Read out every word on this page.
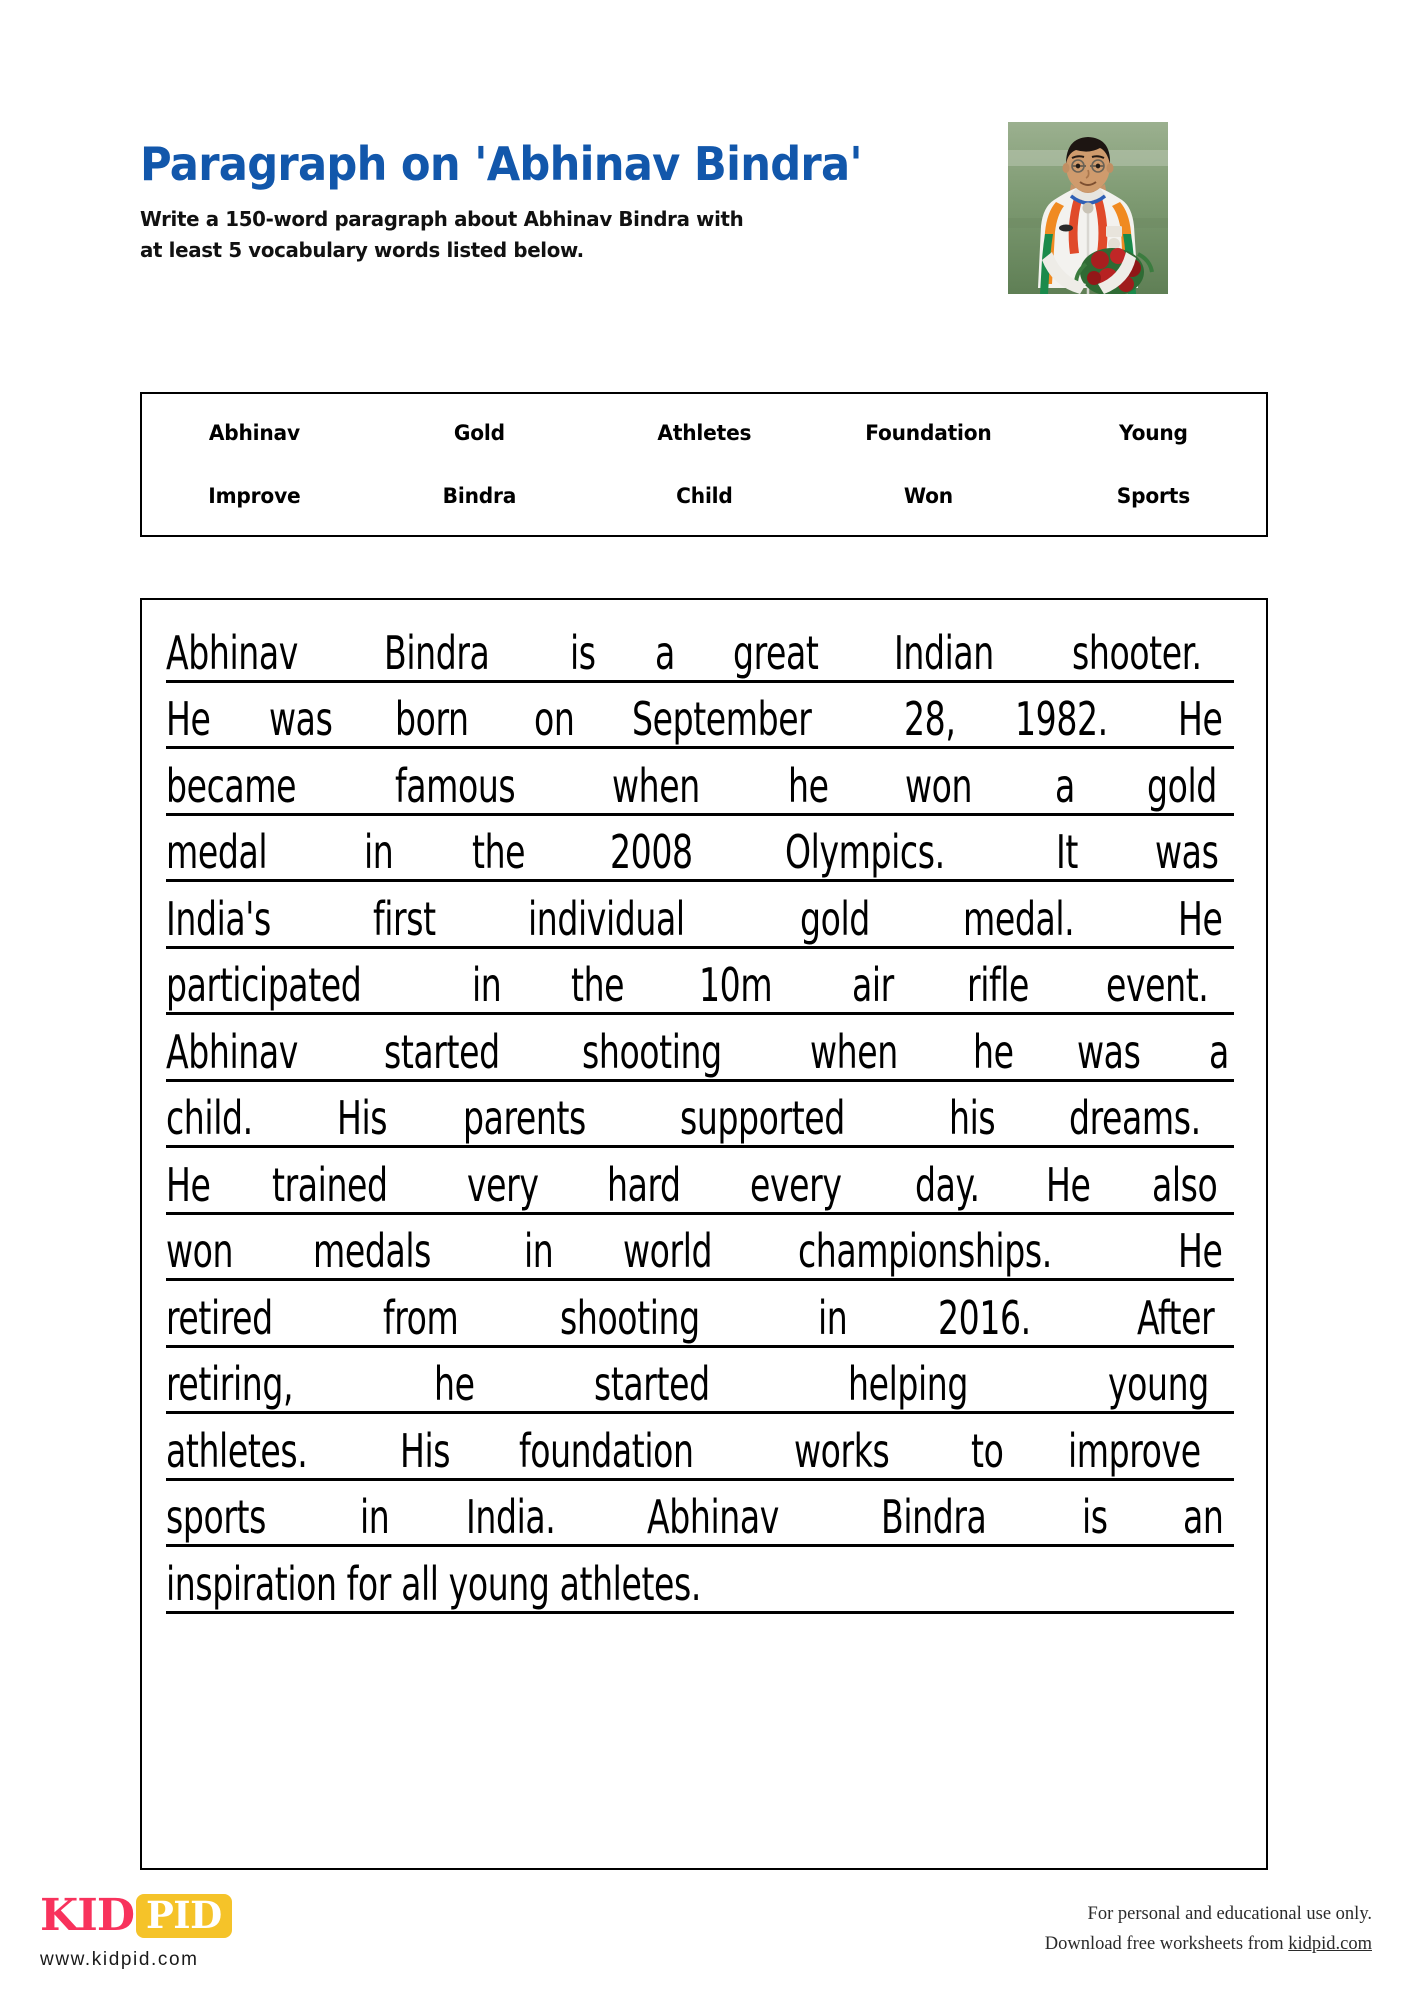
Paragraph on 'Abhinav Bindra'
Write a 150-word paragraph about Abhinav Bindra with
at least 5 vocabulary words listed below.
Abhinav	Gold	Athletes	Foundation	Young
Improve	Bindra	Child	Won	Sports
Abhinav Bindra is a great Indian shooter.
He was born on September 28, 1982. He
became famous when he won a gold
medal in the 2008 Olympics. It was
India's first individual	gold medal. He
participated in the 10m air rifle event.
Abhinav started shooting when he was a
child. His parents supported his dreams.
He trained very hard every day. He also
won medals in world championships.	He
retired from shooting	in 2016. After
retiring,	he	started	helping	young
athletes. His foundation works to improve
sports in India. Abhinav Bindra is an
inspiration for all young athletes.
KID PID
www.kidpid.com
For personal and educational use only.
Download free worksheets from kidpid.com
